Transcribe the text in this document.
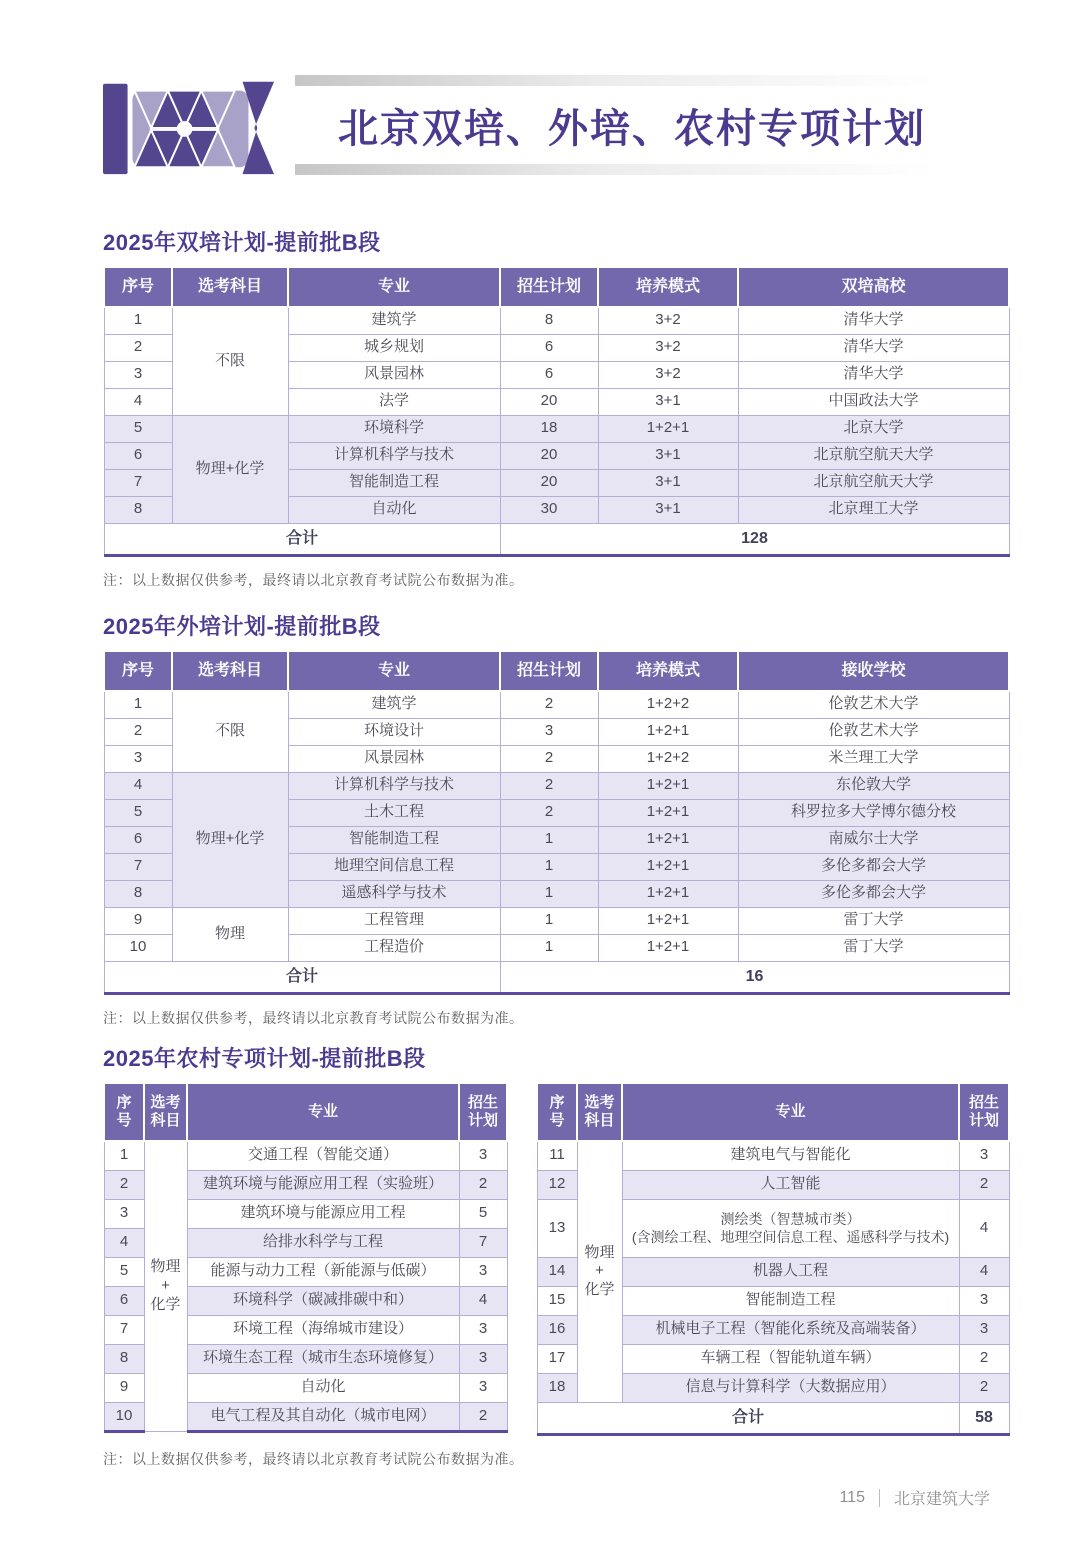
北京双培、外培、农村专项计划
2025年双培计划-提前批B段
序号	选考科目	专业	招生计划	培养模式	双培高校
1	不限	建筑学	8	3+2	清华大学
2		城乡规划	6	3+2	清华大学
3		风景园林	6	3+2	清华大学
4		法学	20	3+1	中国政法大学
5	物理+化学	环境科学	18	1+2+1	北京大学
6		计算机科学与技术	20	3+1	北京航空航天大学
7		智能制造工程	20	3+1	北京航空航天大学
8		自动化	30	3+1	北京理工大学
合计			128		
注：以上数据仅供参考，最终请以北京教育考试院公布数据为准。
2025年外培计划-提前批B段
序号	选考科目	专业	招生计划	培养模式	接收学校
1	不限	建筑学	2	1+2+2	伦敦艺术大学
2		环境设计	3	1+2+1	伦敦艺术大学
3		风景园林	2	1+2+2	米兰理工大学
4	物理+化学	计算机科学与技术	2	1+2+1	东伦敦大学
5		土木工程	2	1+2+1	科罗拉多大学博尔德分校
6		智能制造工程	1	1+2+1	南威尔士大学
7		地理空间信息工程	1	1+2+1	多伦多都会大学
8		遥感科学与技术	1	1+2+1	多伦多都会大学
9	物理	工程管理	1	1+2+1	雷丁大学
10		工程造价	1	1+2+1	雷丁大学
合计			16		
注：以上数据仅供参考，最终请以北京教育考试院公布数据为准。
2025年农村专项计划-提前批B段
序
号	选考
科目	专业	招生
计划
1	物理
+
化学	交通工程（智能交通）	3
2		建筑环境与能源应用工程（实验班）	2
3		建筑环境与能源应用工程	5
4		给排水科学与工程	7
5		能源与动力工程（新能源与低碳）	3
6		环境科学（碳减排碳中和）	4
7		环境工程（海绵城市建设）	3
8		环境生态工程（城市生态环境修复）	3
9		自动化	3
10		电气工程及其自动化（城市电网）	2
序
号	选考
科目	专业	招生
计划
11	物理
+
化学	建筑电气与智能化	3
12		人工智能	2
13		测绘类（智慧城市类）
(含测绘工程、地理空间信息工程、遥感科学与技术)	4
14		机器人工程	4
15		智能制造工程	3
16		机械电子工程（智能化系统及高端装备）	3
17		车辆工程（智能轨道车辆）	2
18		信息与计算科学（大数据应用）	2
合计			58
注：以上数据仅供参考，最终请以北京教育考试院公布数据为准。
115 北京建筑大学
